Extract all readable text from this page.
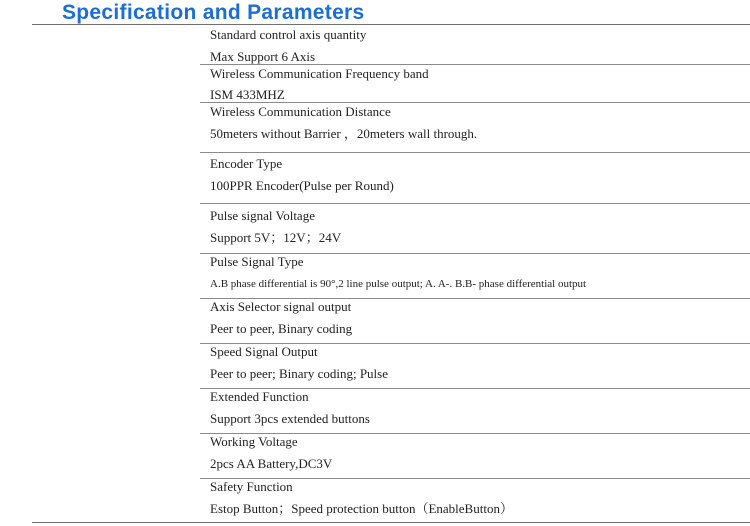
Specification and Parameters
Standard control axis quantity
Max Support 6 Axis
Wireless Communication Frequency band
ISM 433MHZ
Wireless Communication Distance
50meters without Barrier ，20meters wall through.
Encoder Type
100PPR Encoder(Pulse per Round)
Pulse signal Voltage
Support 5V；12V；24V
Pulse Signal Type
A.B phase differential is 90°,2 line pulse output; A. A-. B.B- phase differential output
Axis Selector signal output
Peer to peer, Binary coding
Speed Signal Output
Peer to peer; Binary coding; Pulse
Extended Function
Support 3pcs extended buttons
Working Voltage
2pcs AA Battery,DC3V
Safety Function
Estop Button；Speed protection button（EnableButton）
